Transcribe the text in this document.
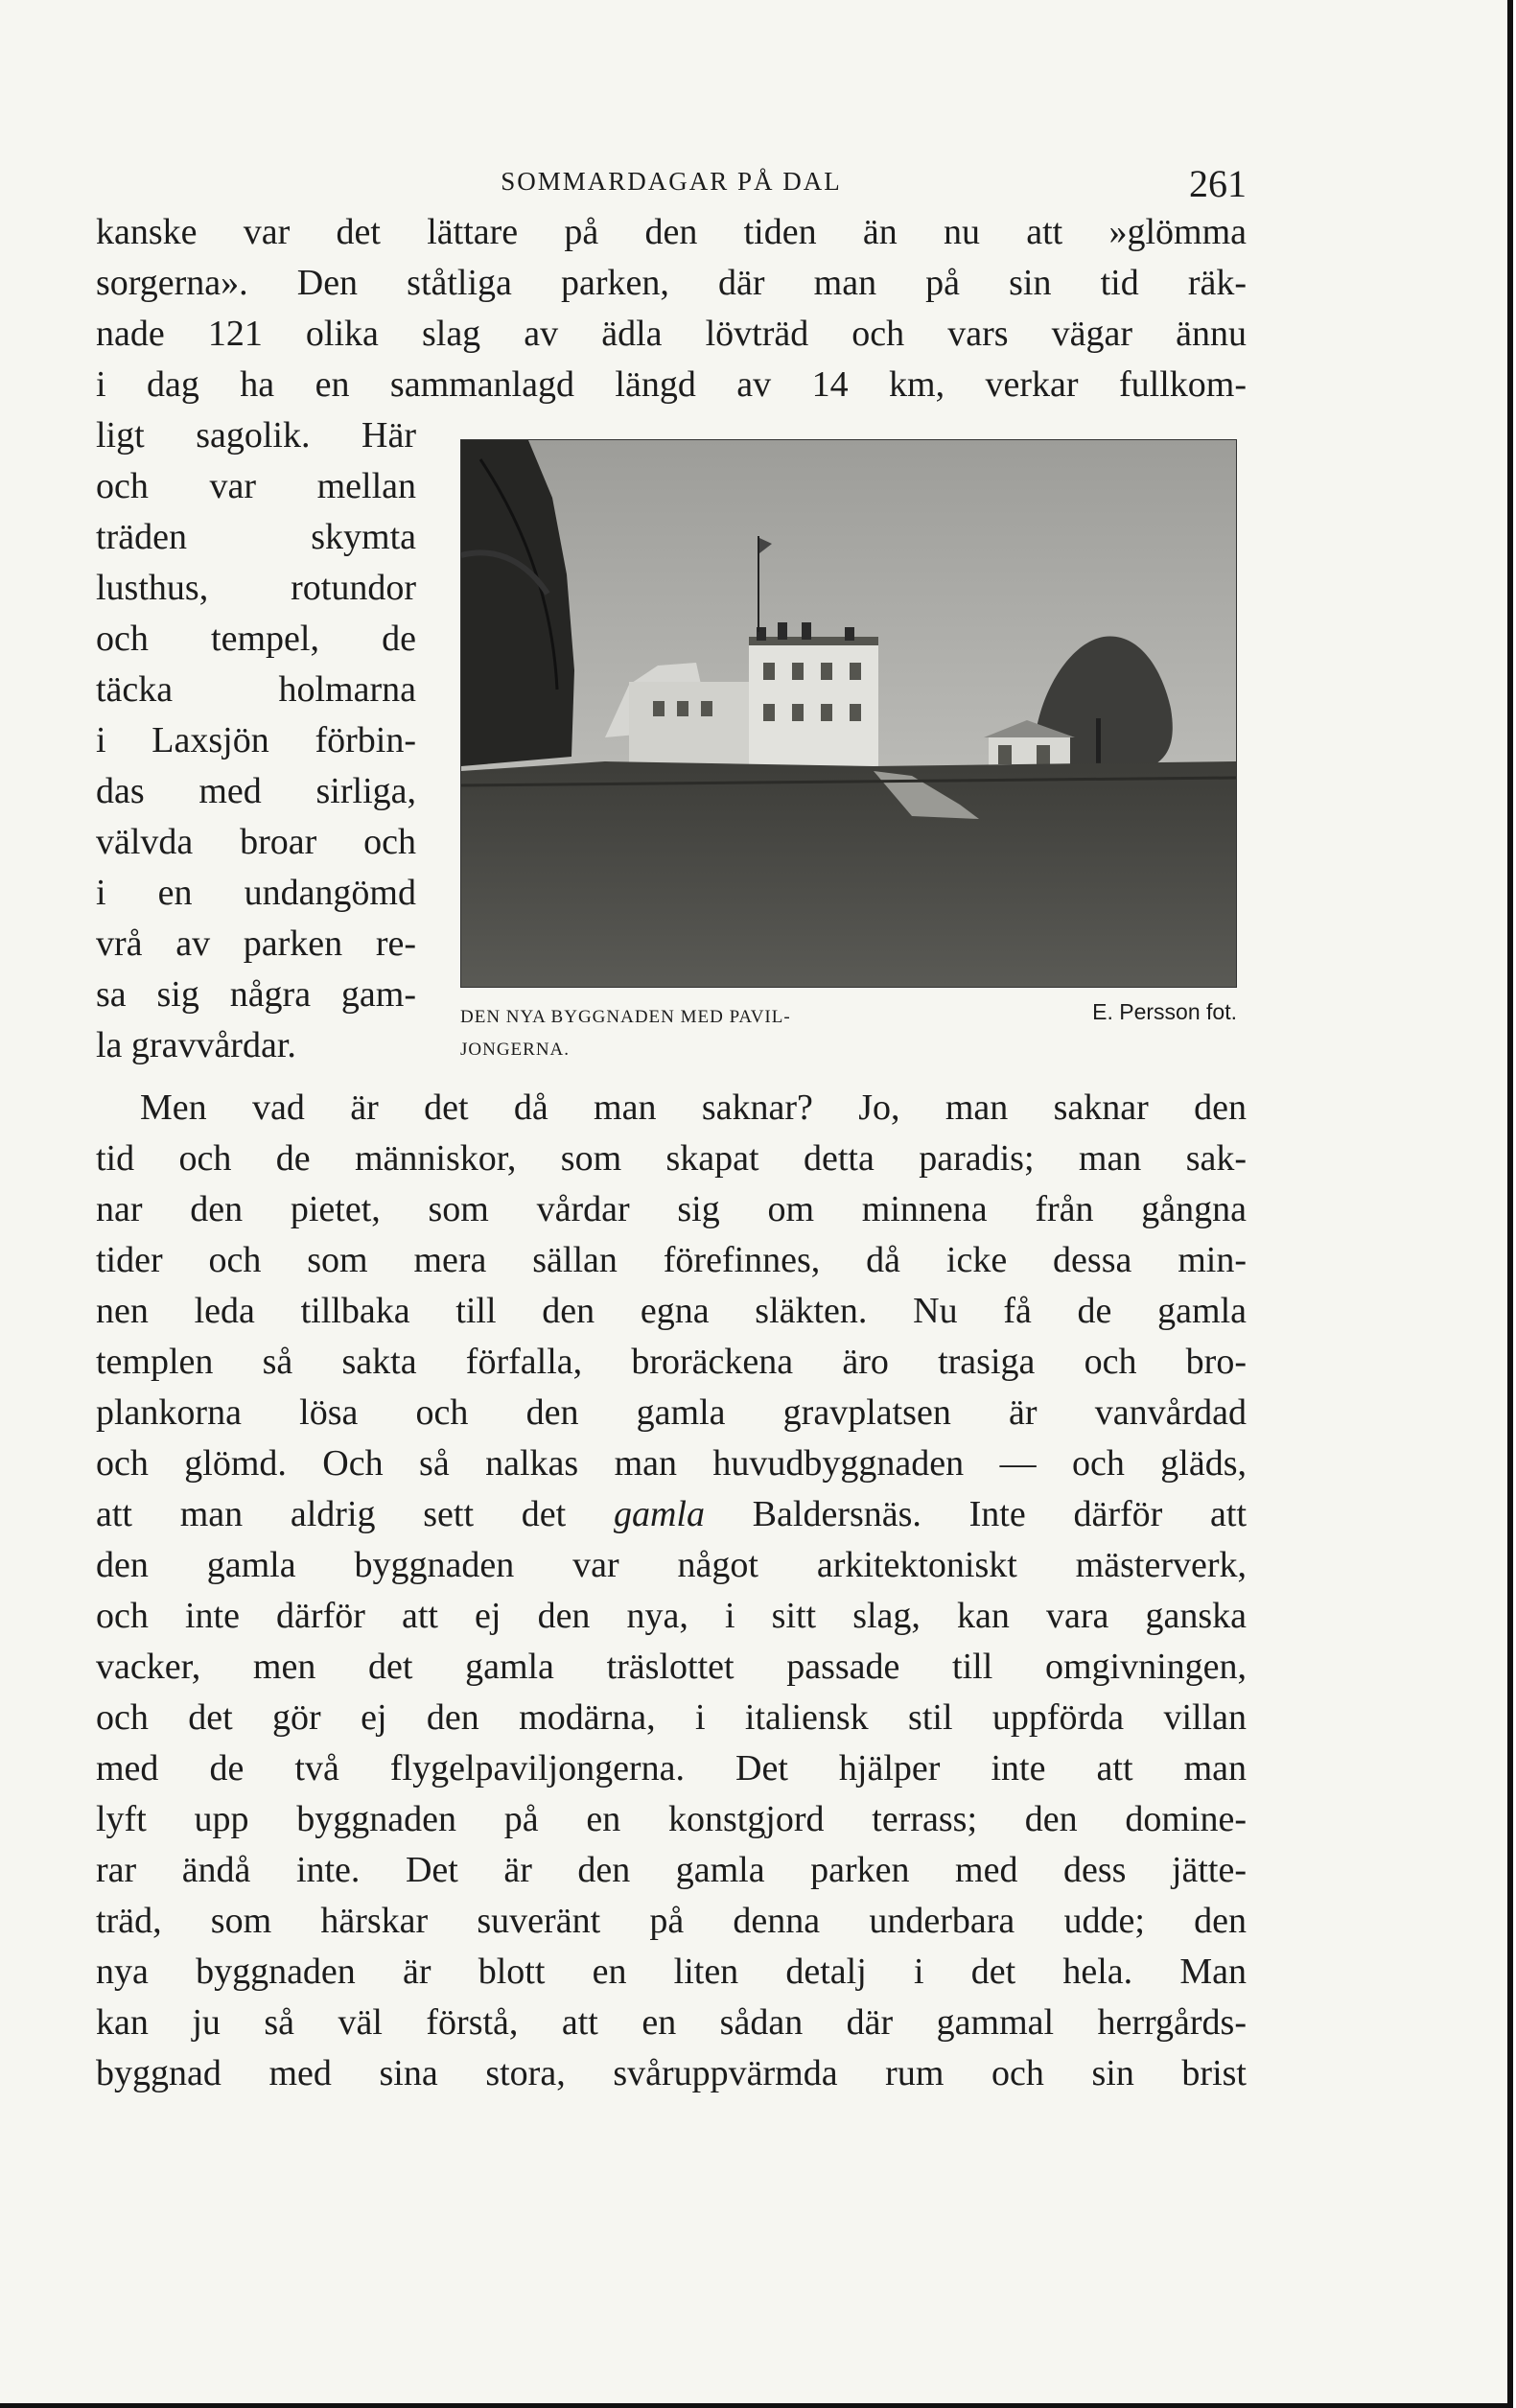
SOMMARDAGAR PÅ DAL	261
kanske var det lättare på den tiden än nu att »glömma
sorgerna». Den ståtliga parken, där man på sin tid räk-
nade 121 olika slag av ädla lövträd och vars vägar ännu
i dag ha en sammanlagd längd av 14 km, verkar fullkom-
ligt sagolik. Här
och var mellan
träden skymta
lusthus, rotundor
och tempel, de
täcka holmarna
i Laxsjön förbin-
das med sirliga,
välvda broar och
i en undangömd
vrå av parken re-
sa sig några gam-
la gravvårdar.
DEN NYA BYGGNADEN MED PAVIL-
JONGERNA.
E. Persson fot.
Men vad är det då man saknar? Jo, man saknar den
tid och de människor, som skapat detta paradis; man sak-
nar den pietet, som vårdar sig om minnena från gångna
tider och som mera sällan förefinnes, då icke dessa min-
nen leda tillbaka till den egna släkten. Nu få de gamla
templen så sakta förfalla, broräckena äro trasiga och bro-
plankorna lösa och den gamla gravplatsen är vanvårdad
och glömd. Och så nalkas man huvudbyggnaden — och gläds,
att man aldrig sett det gamla Baldersnäs. Inte därför att
den gamla byggnaden var något arkitektoniskt mästerverk,
och inte därför att ej den nya, i sitt slag, kan vara ganska
vacker, men det gamla träslottet passade till omgivningen,
och det gör ej den modärna, i italiensk stil uppförda villan
med de två flygelpaviljongerna. Det hjälper inte att man
lyft upp byggnaden på en konstgjord terrass; den domine-
rar ändå inte. Det är den gamla parken med dess jätte-
träd, som härskar suveränt på denna underbara udde; den
nya byggnaden är blott en liten detalj i det hela. Man
kan ju så väl förstå, att en sådan där gammal herrgårds-
byggnad med sina stora, svåruppvärmda rum och sin brist
